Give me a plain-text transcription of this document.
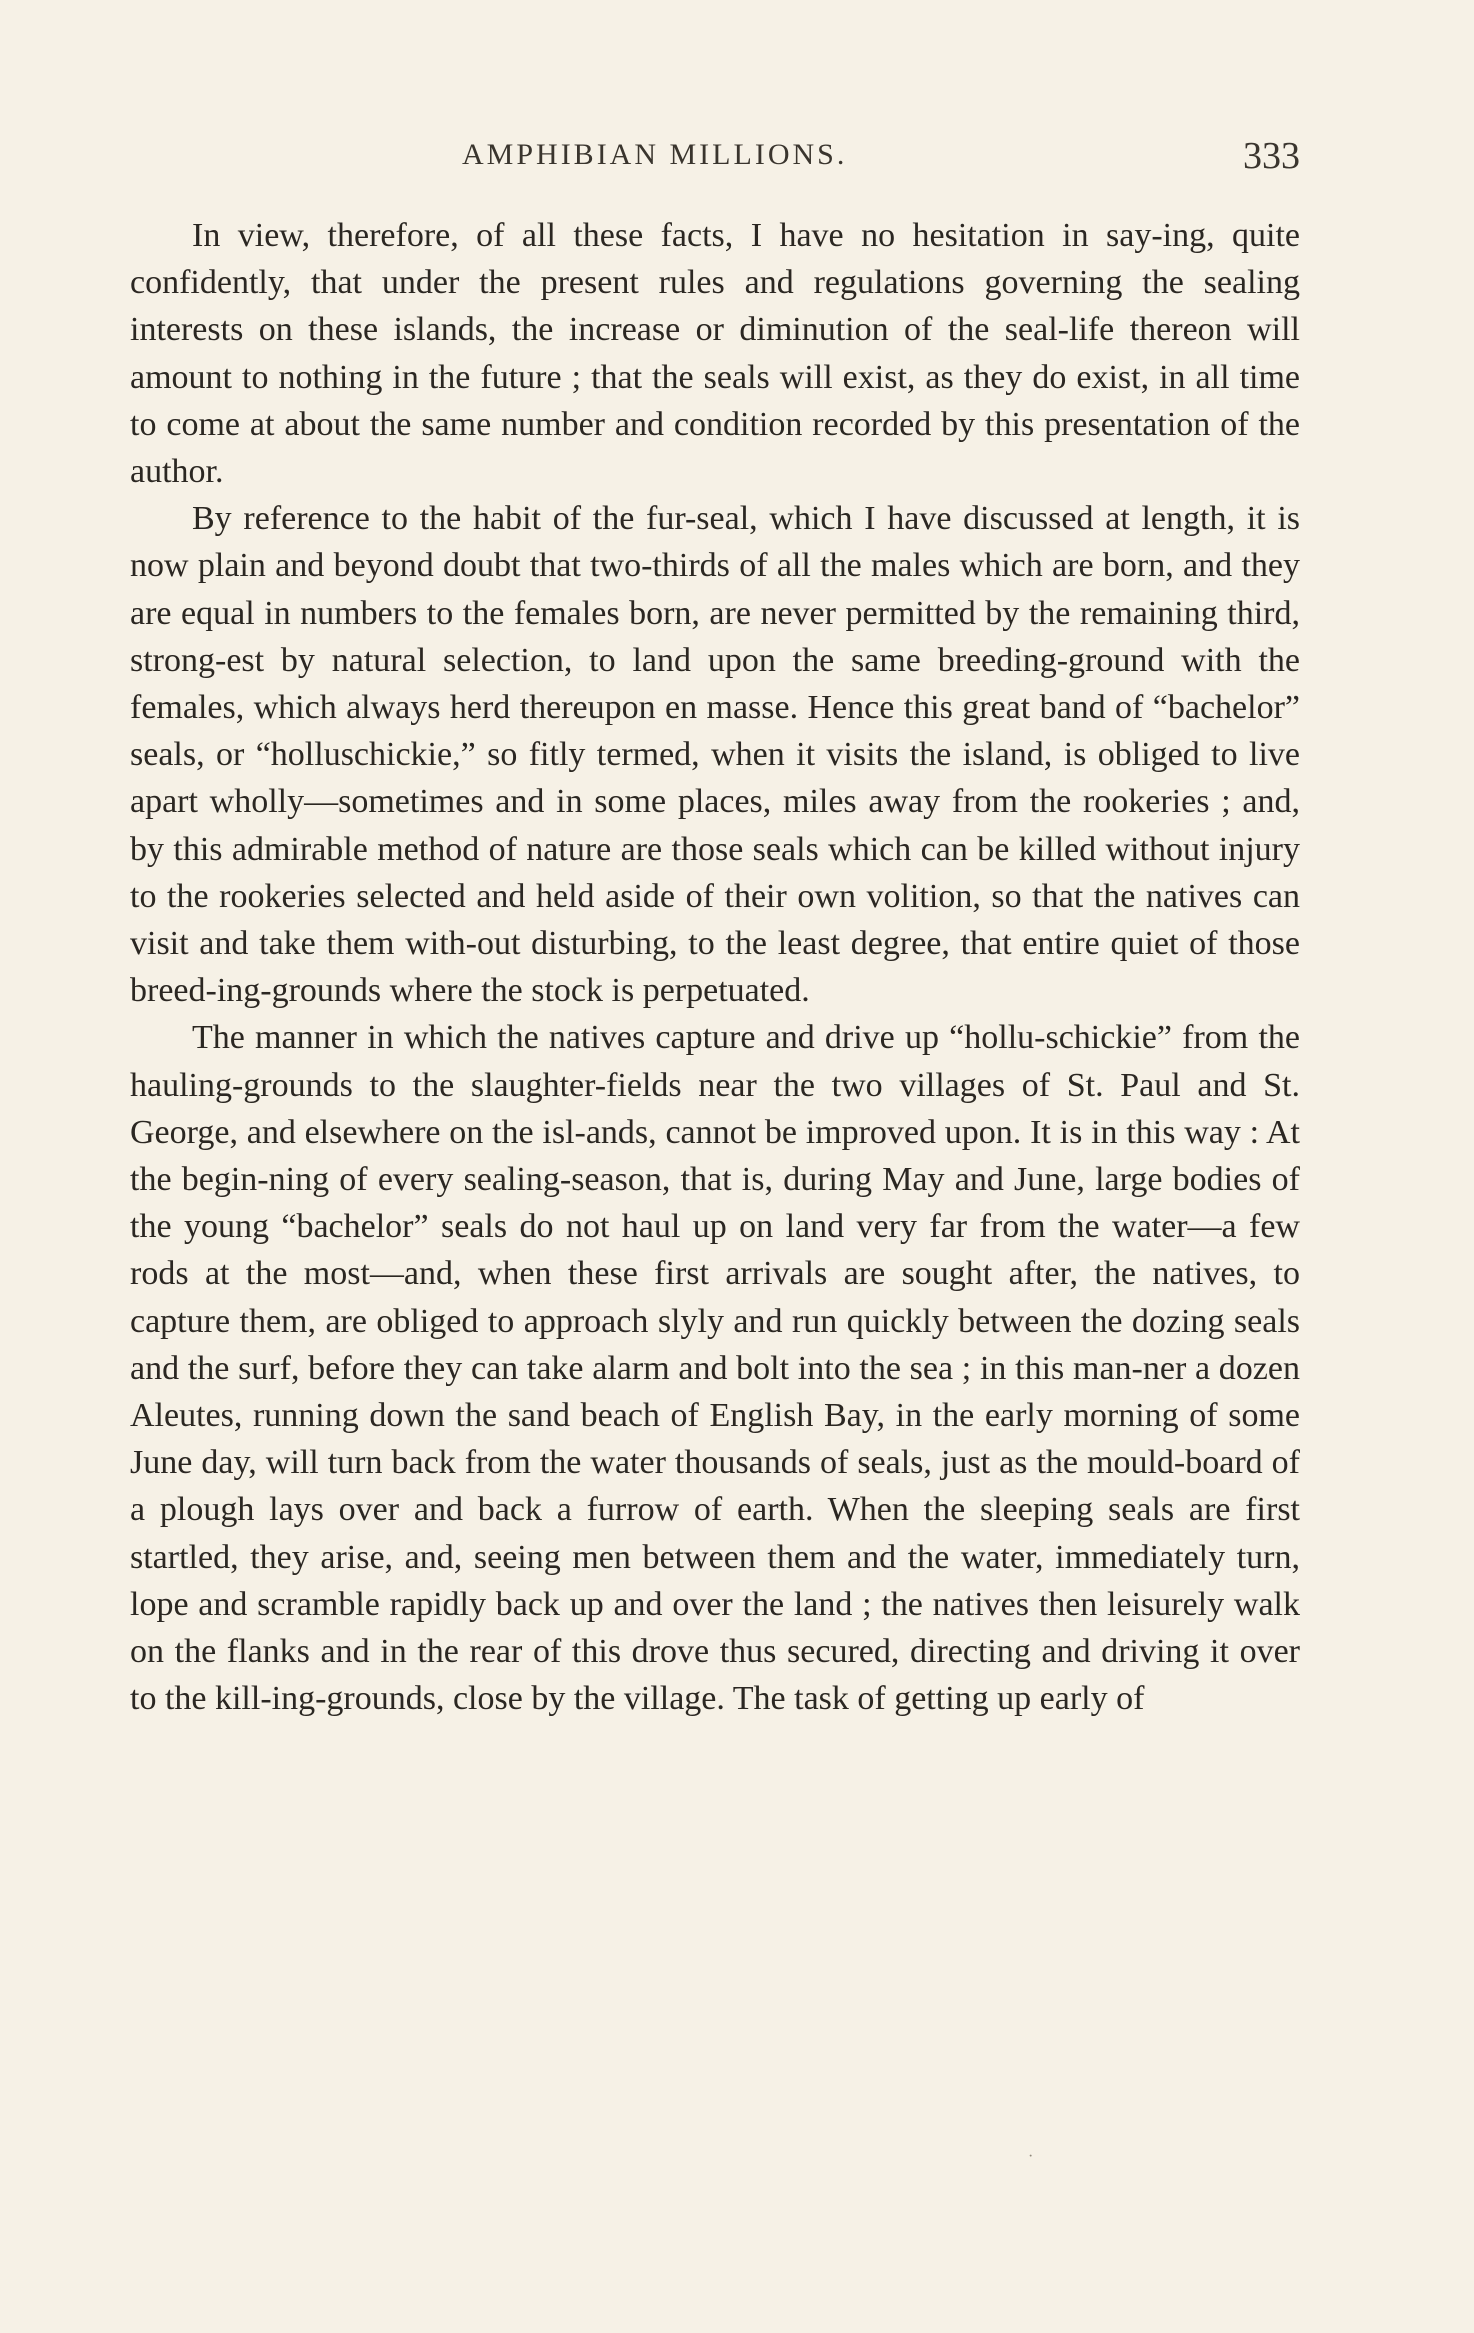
AMPHIBIAN MILLIONS.	333

In view, therefore, of all these facts, I have no hesitation in say-ing, quite confidently, that under the present rules and regulations governing the sealing interests on these islands, the increase or diminution of the seal-life thereon will amount to nothing in the future ; that the seals will exist, as they do exist, in all time to come at about the same number and condition recorded by this presentation of the author.

By reference to the habit of the fur-seal, which I have discussed at length, it is now plain and beyond doubt that two-thirds of all the males which are born, and they are equal in numbers to the females born, are never permitted by the remaining third, strong-est by natural selection, to land upon the same breeding-ground with the females, which always herd thereupon en masse. Hence this great band of “bachelor” seals, or “holluschickie,” so fitly termed, when it visits the island, is obliged to live apart wholly—sometimes and in some places, miles away from the rookeries ; and, by this admirable method of nature are those seals which can be killed without injury to the rookeries selected and held aside of their own volition, so that the natives can visit and take them with-out disturbing, to the least degree, that entire quiet of those breed-ing-grounds where the stock is perpetuated.

The manner in which the natives capture and drive up “hollu-schickie” from the hauling-grounds to the slaughter-fields near the two villages of St. Paul and St. George, and elsewhere on the isl-ands, cannot be improved upon. It is in this way : At the begin-ning of every sealing-season, that is, during May and June, large bodies of the young “bachelor” seals do not haul up on land very far from the water—a few rods at the most—and, when these first arrivals are sought after, the natives, to capture them, are obliged to approach slyly and run quickly between the dozing seals and the surf, before they can take alarm and bolt into the sea ; in this man-ner a dozen Aleutes, running down the sand beach of English Bay, in the early morning of some June day, will turn back from the water thousands of seals, just as the mould-board of a plough lays over and back a furrow of earth. When the sleeping seals are first startled, they arise, and, seeing men between them and the water, immediately turn, lope and scramble rapidly back up and over the land ; the natives then leisurely walk on the flanks and in the rear of this drove thus secured, directing and driving it over to the kill-ing-grounds, close by the village. The task of getting up early of

·
